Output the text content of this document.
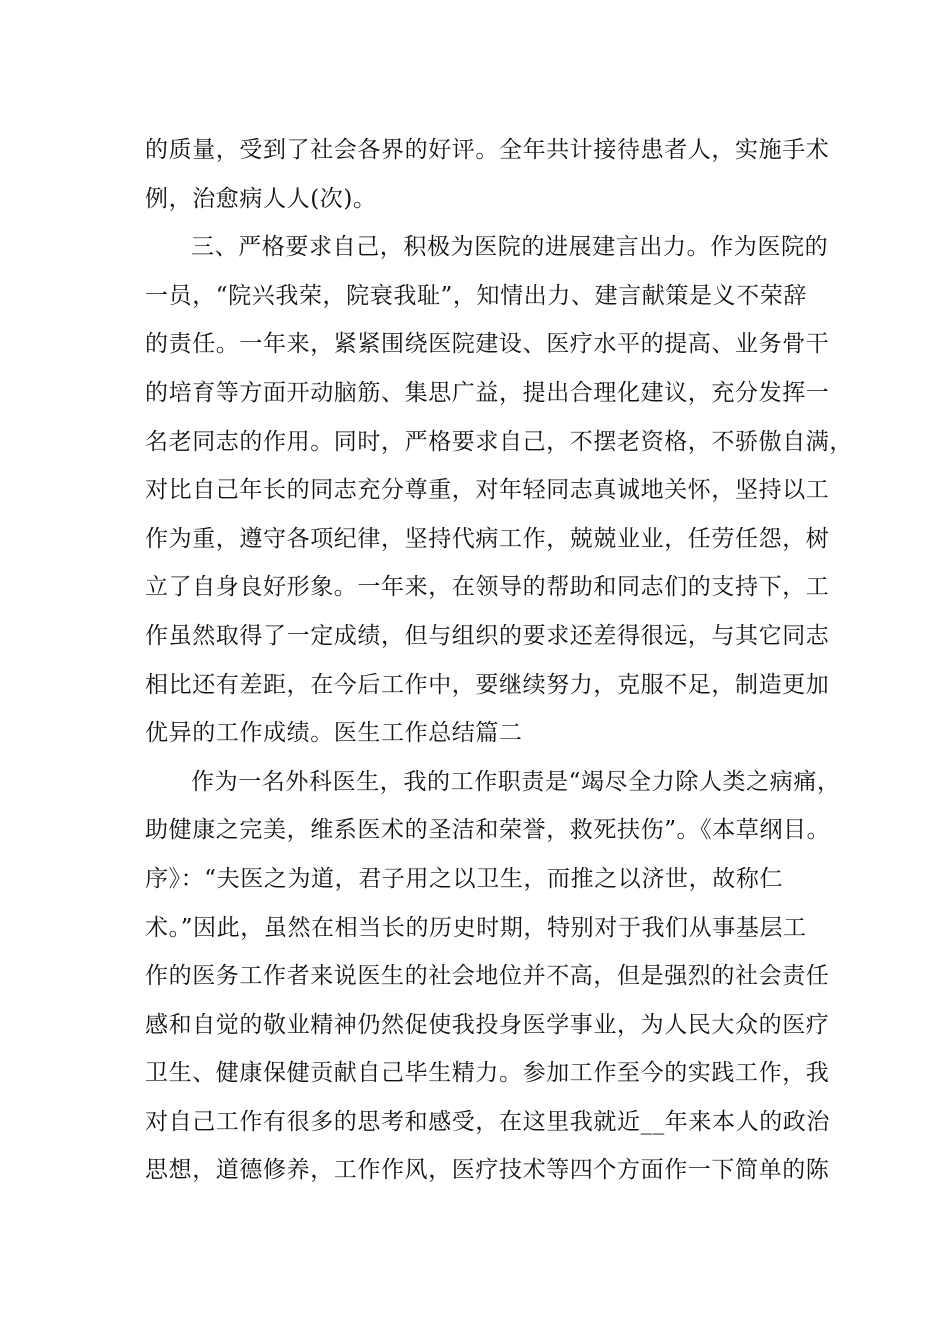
的质量，受到了社会各界的好评。全年共计接待患者人，实施手术
例，治愈病人人(次)。
三、严格要求自己，积极为医院的进展建言出力。作为医院的
一员，“院兴我荣，院衰我耻”，知情出力、建言献策是义不荣辞
的责任。一年来，紧紧围绕医院建设、医疗水平的提高、业务骨干
的培育等方面开动脑筋、集思广益，提出合理化建议，充分发挥一
名老同志的作用。同时，严格要求自己，不摆老资格，不骄傲自满，
对比自己年长的同志充分尊重，对年轻同志真诚地关怀，坚持以工
作为重，遵守各项纪律，坚持代病工作，兢兢业业，任劳任怨，树
立了自身良好形象。一年来，在领导的帮助和同志们的支持下，工
作虽然取得了一定成绩，但与组织的要求还差得很远，与其它同志
相比还有差距，在今后工作中，要继续努力，克服不足，制造更加
优异的工作成绩。医生工作总结篇二
作为一名外科医生，我的工作职责是“竭尽全力除人类之病痛，
助健康之完美，维系医术的圣洁和荣誉，救死扶伤”。《本草纲目。
序》：“夫医之为道，君子用之以卫生，而推之以济世，故称仁
术。”因此，虽然在相当长的历史时期，特别对于我们从事基层工
作的医务工作者来说医生的社会地位并不高，但是强烈的社会责任
感和自觉的敬业精神仍然促使我投身医学事业，为人民大众的医疗
卫生、健康保健贡献自己毕生精力。参加工作至今的实践工作，我
对自己工作有很多的思考和感受，在这里我就近__年来本人的政治
思想，道德修养，工作作风，医疗技术等四个方面作一下简单的陈
